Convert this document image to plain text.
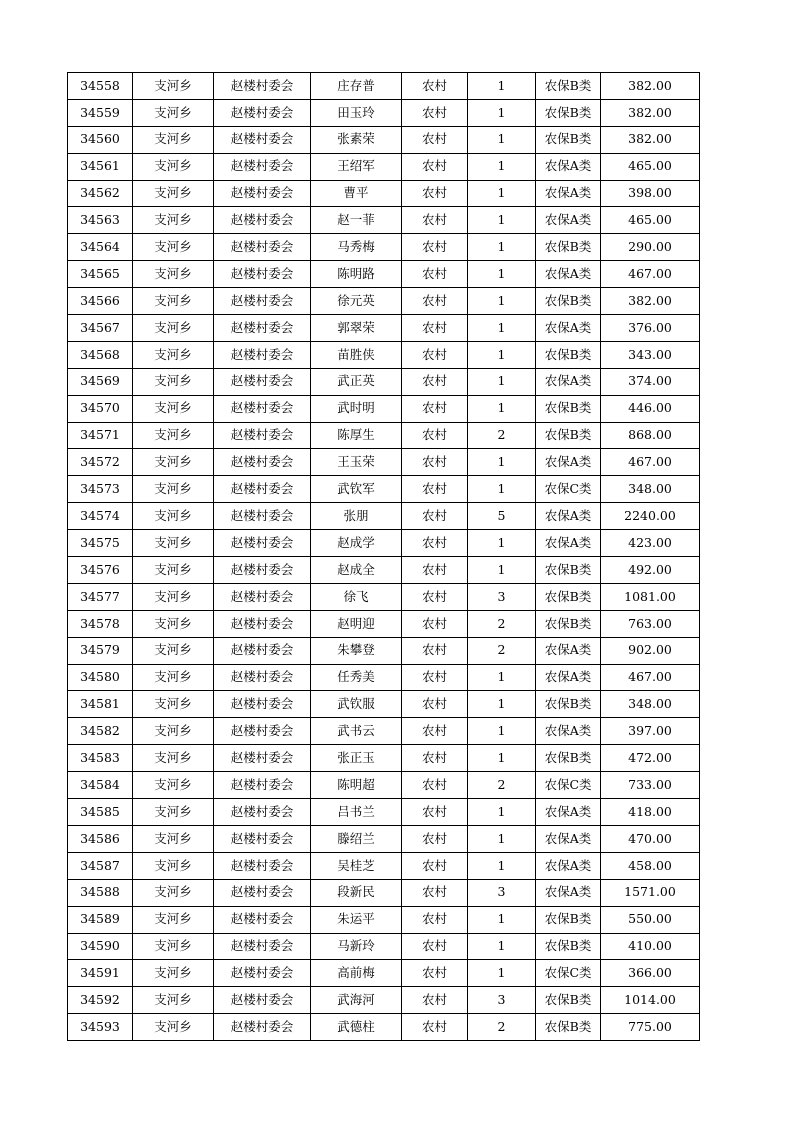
34558	支河乡	赵楼村委会	庄存普	农村	1	农保B类	382.00
34559	支河乡	赵楼村委会	田玉玲	农村	1	农保B类	382.00
34560	支河乡	赵楼村委会	张素荣	农村	1	农保B类	382.00
34561	支河乡	赵楼村委会	王绍军	农村	1	农保A类	465.00
34562	支河乡	赵楼村委会	曹平	农村	1	农保A类	398.00
34563	支河乡	赵楼村委会	赵一菲	农村	1	农保A类	465.00
34564	支河乡	赵楼村委会	马秀梅	农村	1	农保B类	290.00
34565	支河乡	赵楼村委会	陈明路	农村	1	农保A类	467.00
34566	支河乡	赵楼村委会	徐元英	农村	1	农保B类	382.00
34567	支河乡	赵楼村委会	郭翠荣	农村	1	农保A类	376.00
34568	支河乡	赵楼村委会	苗胜侠	农村	1	农保B类	343.00
34569	支河乡	赵楼村委会	武正英	农村	1	农保A类	374.00
34570	支河乡	赵楼村委会	武时明	农村	1	农保B类	446.00
34571	支河乡	赵楼村委会	陈厚生	农村	2	农保B类	868.00
34572	支河乡	赵楼村委会	王玉荣	农村	1	农保A类	467.00
34573	支河乡	赵楼村委会	武钦军	农村	1	农保C类	348.00
34574	支河乡	赵楼村委会	张朋	农村	5	农保A类	2240.00
34575	支河乡	赵楼村委会	赵成学	农村	1	农保A类	423.00
34576	支河乡	赵楼村委会	赵成全	农村	1	农保B类	492.00
34577	支河乡	赵楼村委会	徐飞	农村	3	农保B类	1081.00
34578	支河乡	赵楼村委会	赵明迎	农村	2	农保B类	763.00
34579	支河乡	赵楼村委会	朱攀登	农村	2	农保A类	902.00
34580	支河乡	赵楼村委会	任秀美	农村	1	农保A类	467.00
34581	支河乡	赵楼村委会	武钦服	农村	1	农保B类	348.00
34582	支河乡	赵楼村委会	武书云	农村	1	农保A类	397.00
34583	支河乡	赵楼村委会	张正玉	农村	1	农保B类	472.00
34584	支河乡	赵楼村委会	陈明超	农村	2	农保C类	733.00
34585	支河乡	赵楼村委会	吕书兰	农村	1	农保A类	418.00
34586	支河乡	赵楼村委会	滕绍兰	农村	1	农保A类	470.00
34587	支河乡	赵楼村委会	吴桂芝	农村	1	农保A类	458.00
34588	支河乡	赵楼村委会	段新民	农村	3	农保A类	1571.00
34589	支河乡	赵楼村委会	朱运平	农村	1	农保B类	550.00
34590	支河乡	赵楼村委会	马新玲	农村	1	农保B类	410.00
34591	支河乡	赵楼村委会	高前梅	农村	1	农保C类	366.00
34592	支河乡	赵楼村委会	武海河	农村	3	农保B类	1014.00
34593	支河乡	赵楼村委会	武德柱	农村	2	农保B类	775.00
